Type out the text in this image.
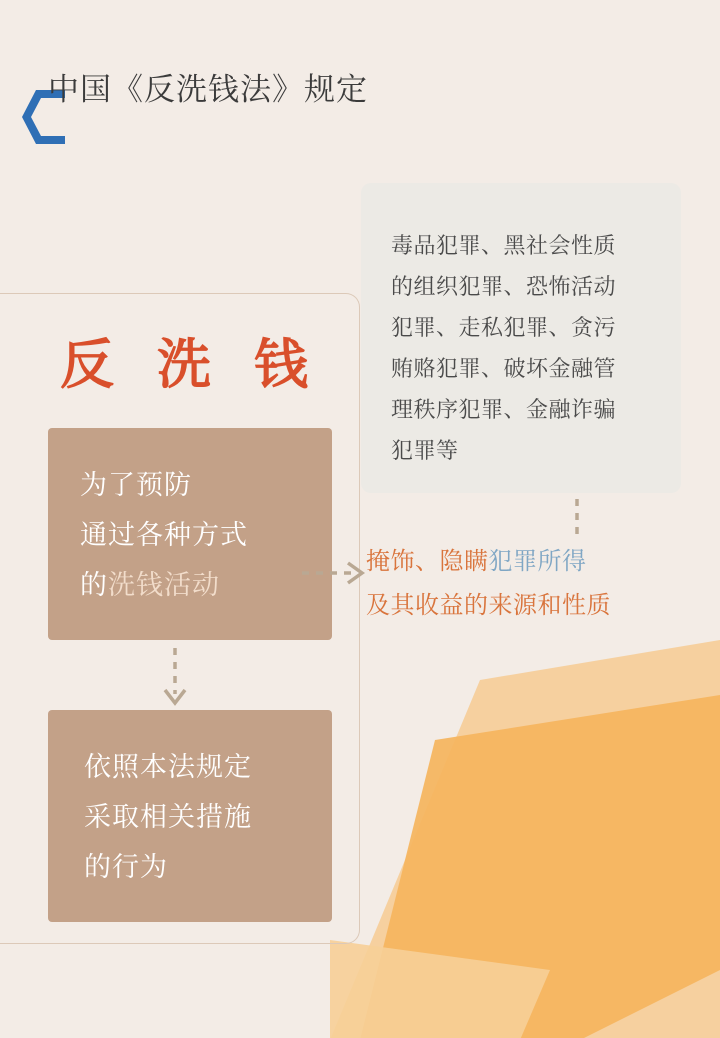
中国《反洗钱法》规定
反 洗 钱
为了预防
通过各种方式
的洗钱活动
依照本法规定
采取相关措施
的行为
毒品犯罪、黑社会性质
的组织犯罪、恐怖活动
犯罪、走私犯罪、贪污
贿赂犯罪、破坏金融管
理秩序犯罪、金融诈骗
犯罪等
掩饰、隐瞒犯罪所得
及其收益的来源和性质
